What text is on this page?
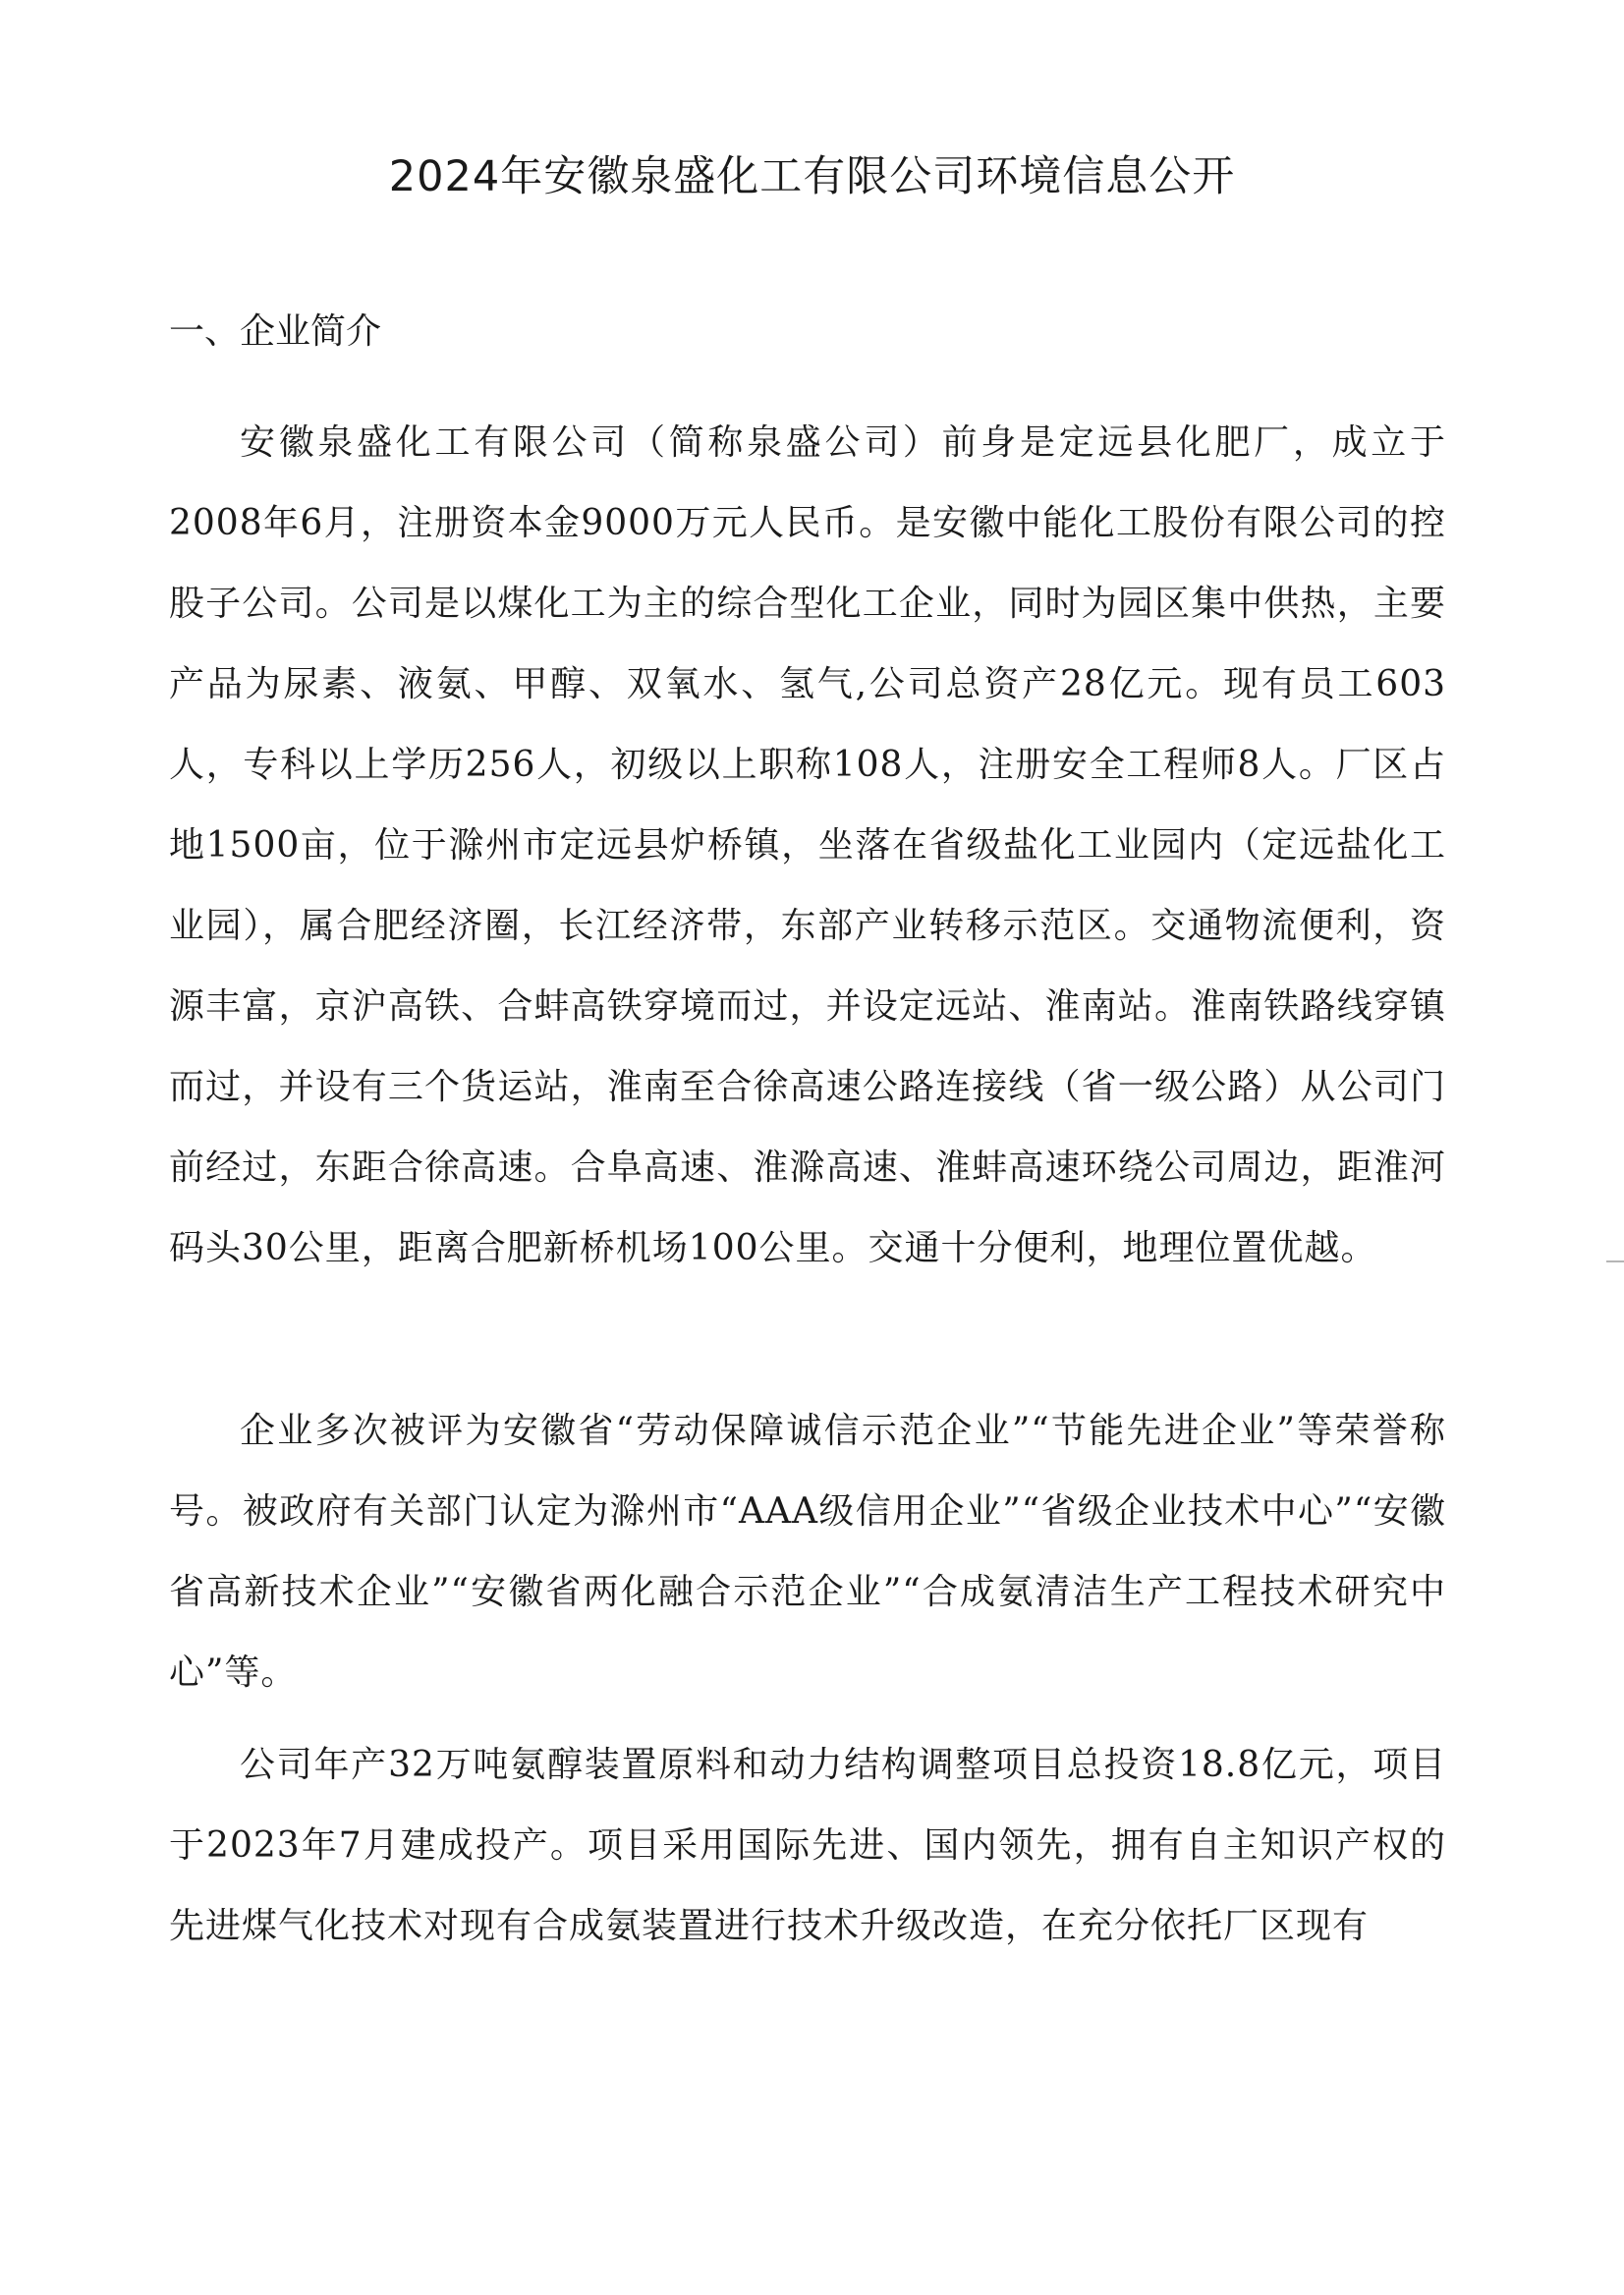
2024年安徽泉盛化工有限公司环境信息公开
一、企业简介

安徽泉盛化工有限公司（简称泉盛公司）前身是定远县化肥厂，成立于2008年6月，注册资本金9000万元人民币。是安徽中能化工股份有限公司的控股子公司。公司是以煤化工为主的综合型化工企业，同时为园区集中供热，主要产品为尿素、液氨、甲醇、双氧水、氢气,公司总资产28亿元。现有员工603人，专科以上学历256人，初级以上职称108人，注册安全工程师8人。厂区占地1500亩，位于滁州市定远县炉桥镇，坐落在省级盐化工业园内（定远盐化工业园），属合肥经济圈，长江经济带，东部产业转移示范区。交通物流便利，资源丰富，京沪高铁、合蚌高铁穿境而过，并设定远站、淮南站。淮南铁路线穿镇而过，并设有三个货运站，淮南至合徐高速公路连接线（省一级公路）从公司门前经过，东距合徐高速。合阜高速、淮滁高速、淮蚌高速环绕公司周边，距淮河码头30公里，距离合肥新桥机场100公里。交通十分便利，地理位置优越。

企业多次被评为安徽省“劳动保障诚信示范企业”“节能先进企业”等荣誉称号。被政府有关部门认定为滁州市“AAA级信用企业”“省级企业技术中心”“安徽省高新技术企业”“安徽省两化融合示范企业”“合成氨清洁生产工程技术研究中心”等。

公司年产32万吨氨醇装置原料和动力结构调整项目总投资18.8亿元，项目于2023年7月建成投产。项目采用国际先进、国内领先，拥有自主知识产权的先进煤气化技术对现有合成氨装置进行技术升级改造，在充分依托厂区现有
